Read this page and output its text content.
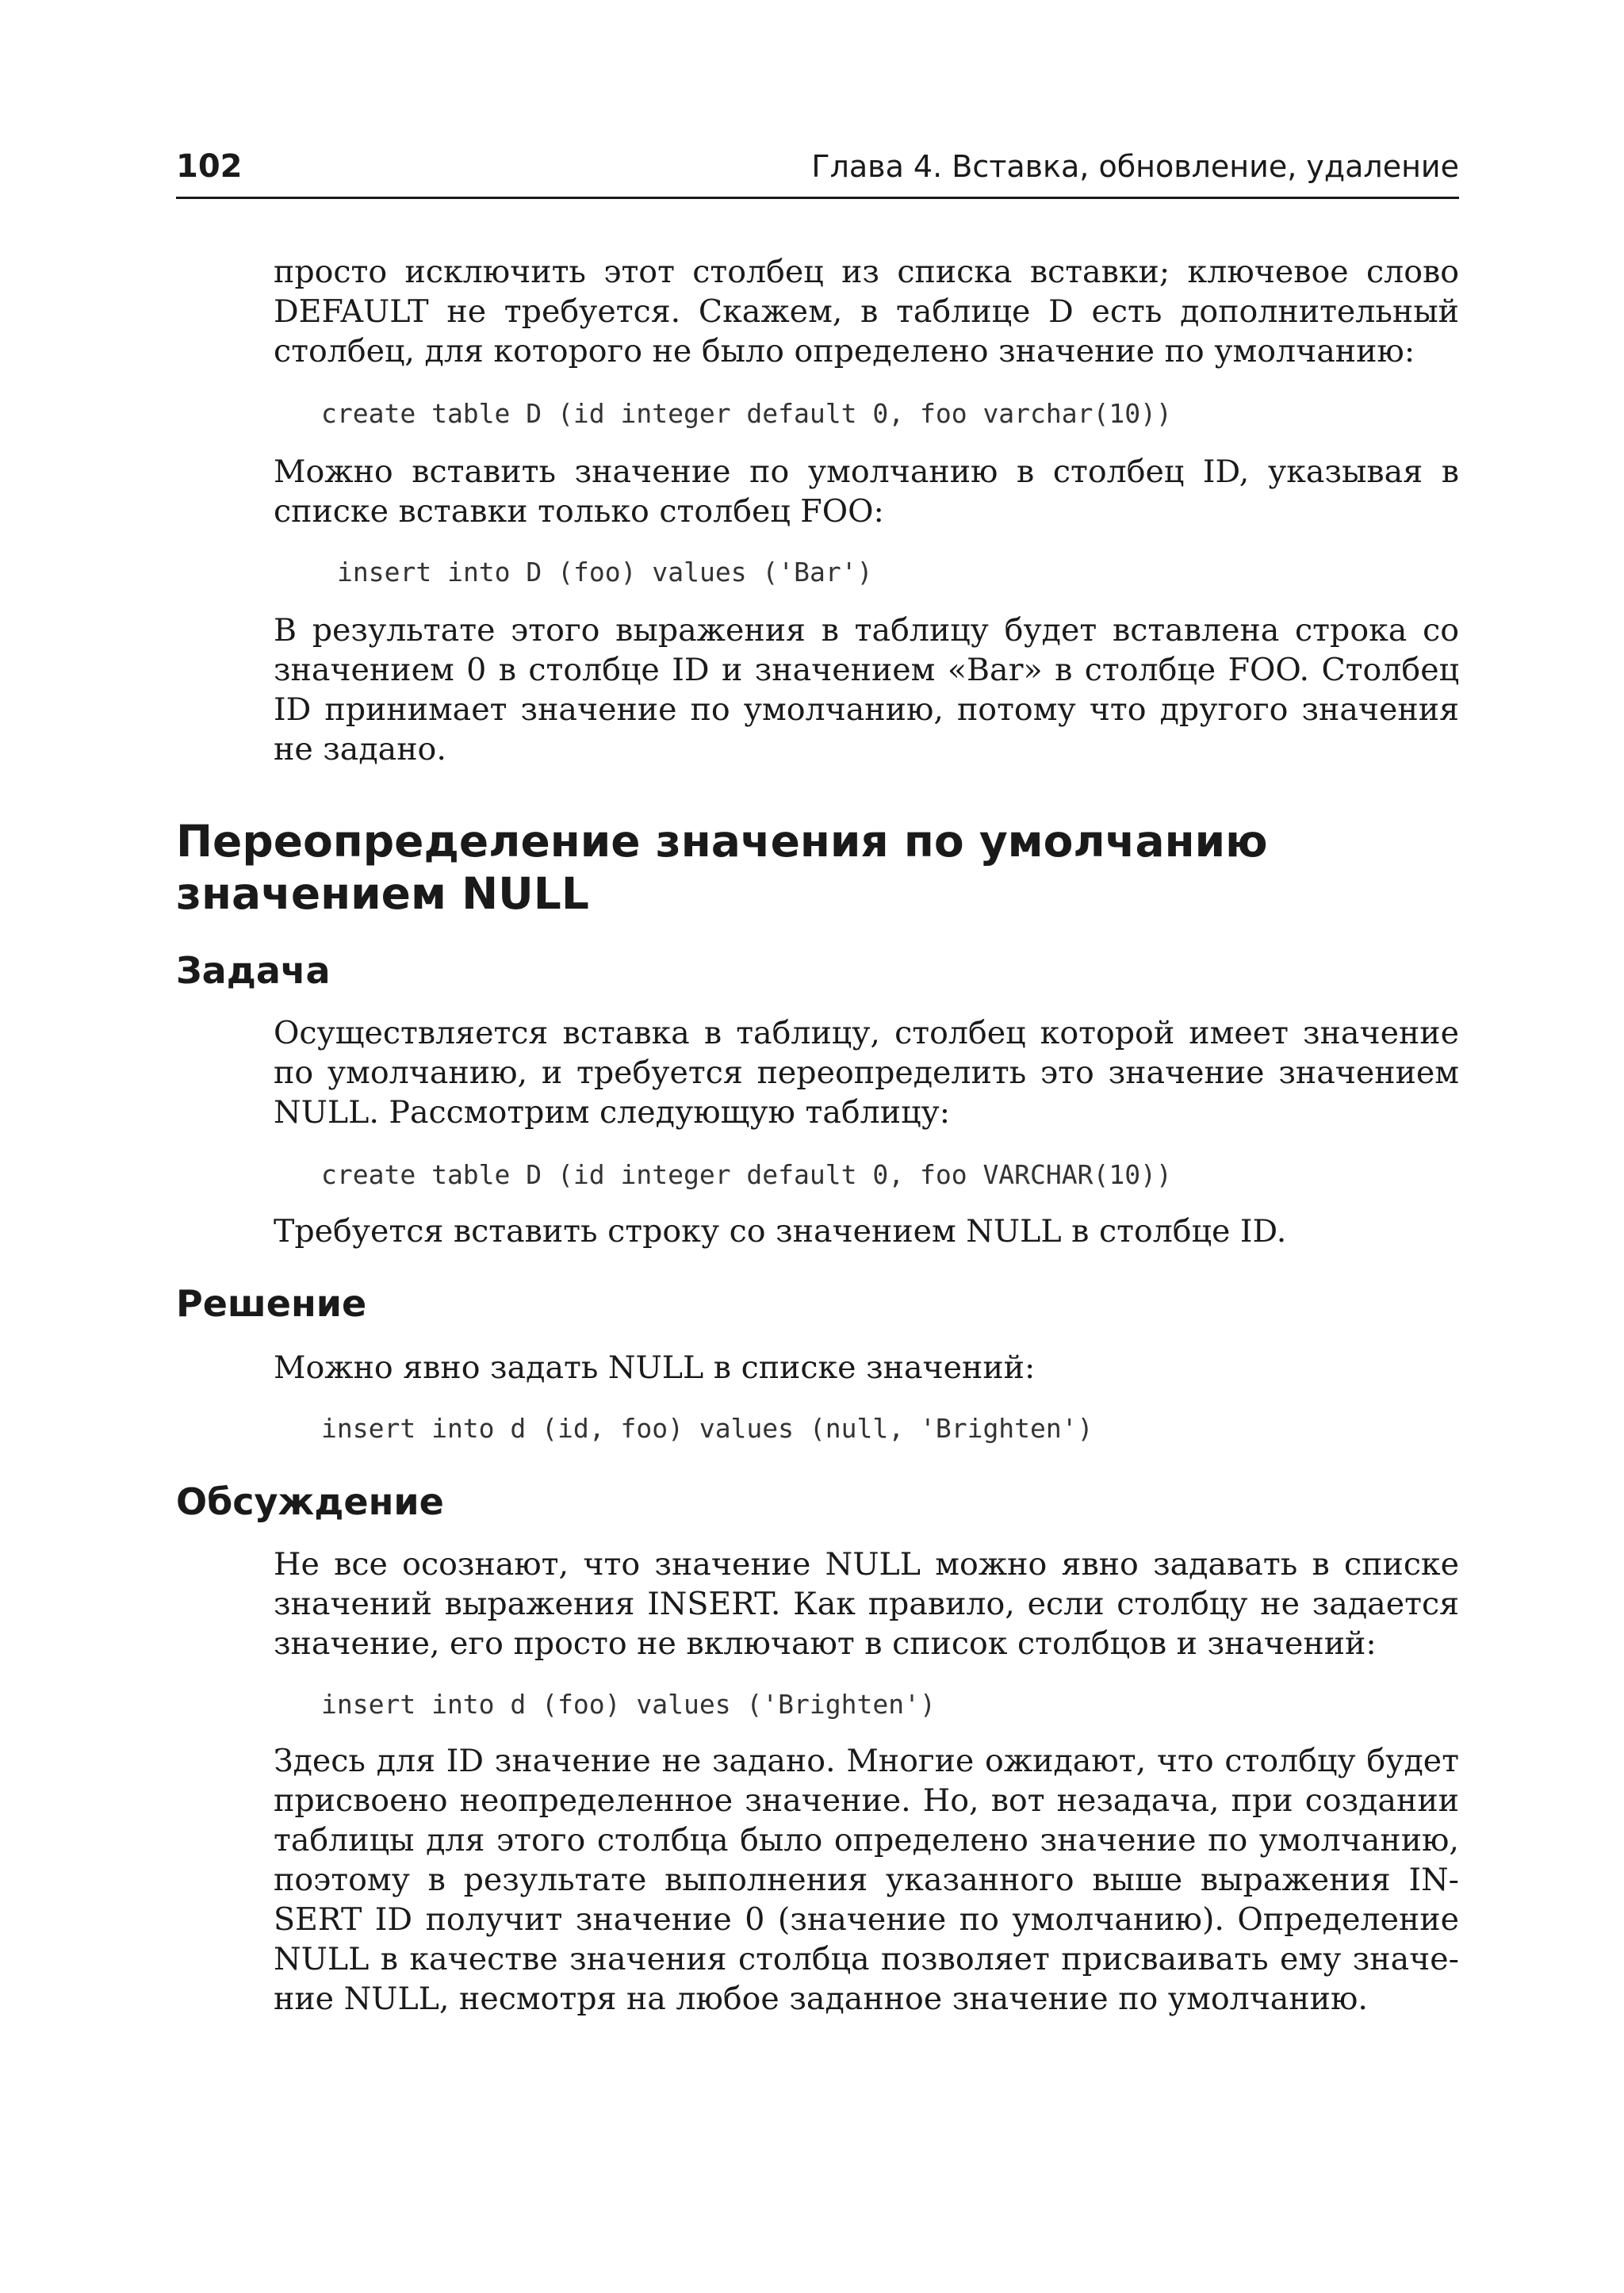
102	Глава 4. Вставка, обновление, удаление
просто исключить этот столбец из списка вставки; ключевое слово DEFAULT не требуется. Скажем, в таблице D есть дополнительный столбец, для которого не было определено значение по умолчанию:
create table D (id integer default 0, foo varchar(10))
Можно вставить значение по умолчанию в столбец ID, указывая в списке вставки только столбец FOO:
insert into D (foo) values ('Bar')
В результате этого выражения в таблицу будет вставлена строка со значением 0 в столбце ID и значением «Bar» в столбце FOO. Столбец ID принимает значение по умолчанию, потому что другого значения не задано.
Переопределение значения по умолчанию значением NULL
Задача
Осуществляется вставка в таблицу, столбец которой имеет значение по умолчанию, и требуется переопределить это значение значением NULL. Рассмотрим следующую таблицу:
create table D (id integer default 0, foo VARCHAR(10))
Требуется вставить строку со значением NULL в столбце ID.
Решение
Можно явно задать NULL в списке значений:
insert into d (id, foo) values (null, 'Brighten')
Обсуждение
Не все осознают, что значение NULL можно явно задавать в списке значений выражения INSERT. Как правило, если столбцу не задается значение, его просто не включают в список столбцов и значений:
insert into d (foo) values ('Brighten')
Здесь для ID значение не задано. Многие ожидают, что столбцу будет присвоено неопределенное значение. Но, вот незадача, при создании таблицы для этого столбца было определено значение по умолчанию, поэтому в результате выполнения указанного выше выражения INSERT ID получит значение 0 (значение по умолчанию). Определение NULL в качестве значения столбца позволяет присваивать ему значение NULL, несмотря на любое заданное значение по умолчанию.
